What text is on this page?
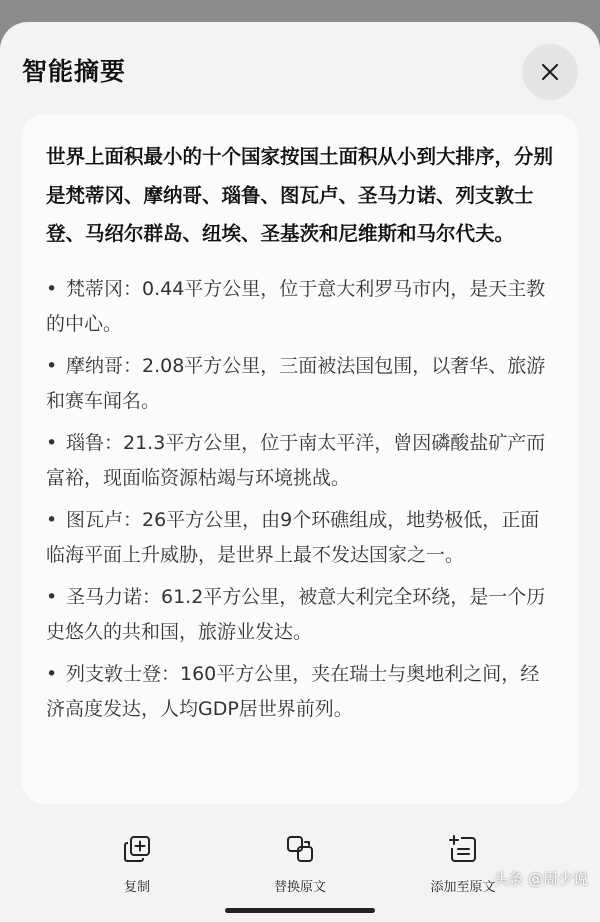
智能摘要

世界上面积最小的十个国家按国土面积从小到大排序，分别是梵蒂冈、摩纳哥、瑙鲁、图瓦卢、圣马力诺、列支敦士登、马绍尔群岛、纽埃、圣基茨和尼维斯和马尔代夫。

• 梵蒂冈：0.44平方公里，位于意大利罗马市内，是天主教的中心。
• 摩纳哥：2.08平方公里，三面被法国包围，以奢华、旅游和赛车闻名。
• 瑙鲁：21.3平方公里，位于南太平洋，曾因磷酸盐矿产而富裕，现面临资源枯竭与环境挑战。
• 图瓦卢：26平方公里，由9个环礁组成，地势极低，正面临海平面上升威胁，是世界上最不发达国家之一。
• 圣马力诺：61.2平方公里，被意大利完全环绕，是一个历史悠久的共和国，旅游业发达。
• 列支敦士登：160平方公里，夹在瑞士与奥地利之间，经济高度发达，人均GDP居世界前列。
复制	替换原文	添加至原文
头条 @周少说
